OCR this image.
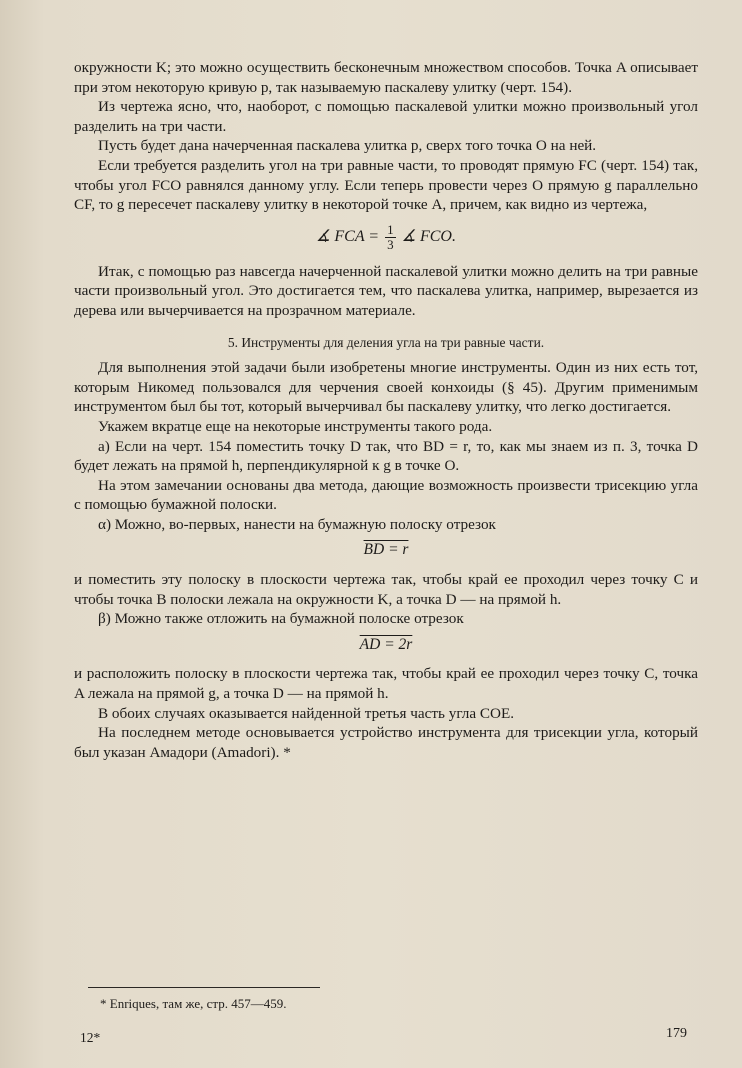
окружности K; это можно осуществить бесконечным множеством способов. Точка A описывает при этом некоторую кривую p, так называемую паскалеву улитку (черт. 154).

Из чертежа ясно, что, наоборот, с помощью паскалевой улитки можно произвольный угол разделить на три части.

Пусть будет дана начерченная паскалева улитка p, сверх того точка O на ней.

Если требуется разделить угол на три равные части, то проводят прямую FC (черт. 154) так, чтобы угол FCO равнялся данному углу. Если теперь провести через O прямую g параллельно CF, то g пересечет паскалеву улитку в некоторой точке A, причем, как видно из чертежа,

∡ FCA = $\frac{1}{3}$ ∡ FCO.

Итак, с помощью раз навсегда начерченной паскалевой улитки можно делить на три равные части произвольный угол. Это достигается тем, что паскалева улитка, например, вырезается из дерева или вычерчивается на прозрачном материале.

5. Инструменты для деления угла на три равные части.

Для выполнения этой задачи были изобретены многие инструменты. Один из них есть тот, которым Никомед пользовался для черчения своей конхоиды (§ 45). Другим применимым инструментом был бы тот, который вычерчивал бы паскалеву улитку, что легко достигается.

Укажем вкратце еще на некоторые инструменты такого рода.

а) Если на черт. 154 поместить точку D так, что BD = r, то, как мы знаем из п. 3, точка D будет лежать на прямой h, перпендикулярной к g в точке O.

На этом замечании основаны два метода, дающие возможность произвести трисекцию угла с помощью бумажной полоски.

α) Можно, во-первых, нанести на бумажную полоску отрезок

BD = r

и поместить эту полоску в плоскости чертежа так, чтобы край ее проходил через точку C и чтобы точка B полоски лежала на окружности K, а точка D — на прямой h.

β) Можно также отложить на бумажной полоске отрезок

AD = 2r

и расположить полоску в плоскости чертежа так, чтобы край ее проходил через точку C, точка A лежала на прямой g, а точка D — на прямой h.

В обоих случаях оказывается найденной третья часть угла COE.

На последнем методе основывается устройство инструмента для трисекции угла, который был указан Амадори (Amadori). *

* Enriques, там же, стр. 457—459.
12*	179
